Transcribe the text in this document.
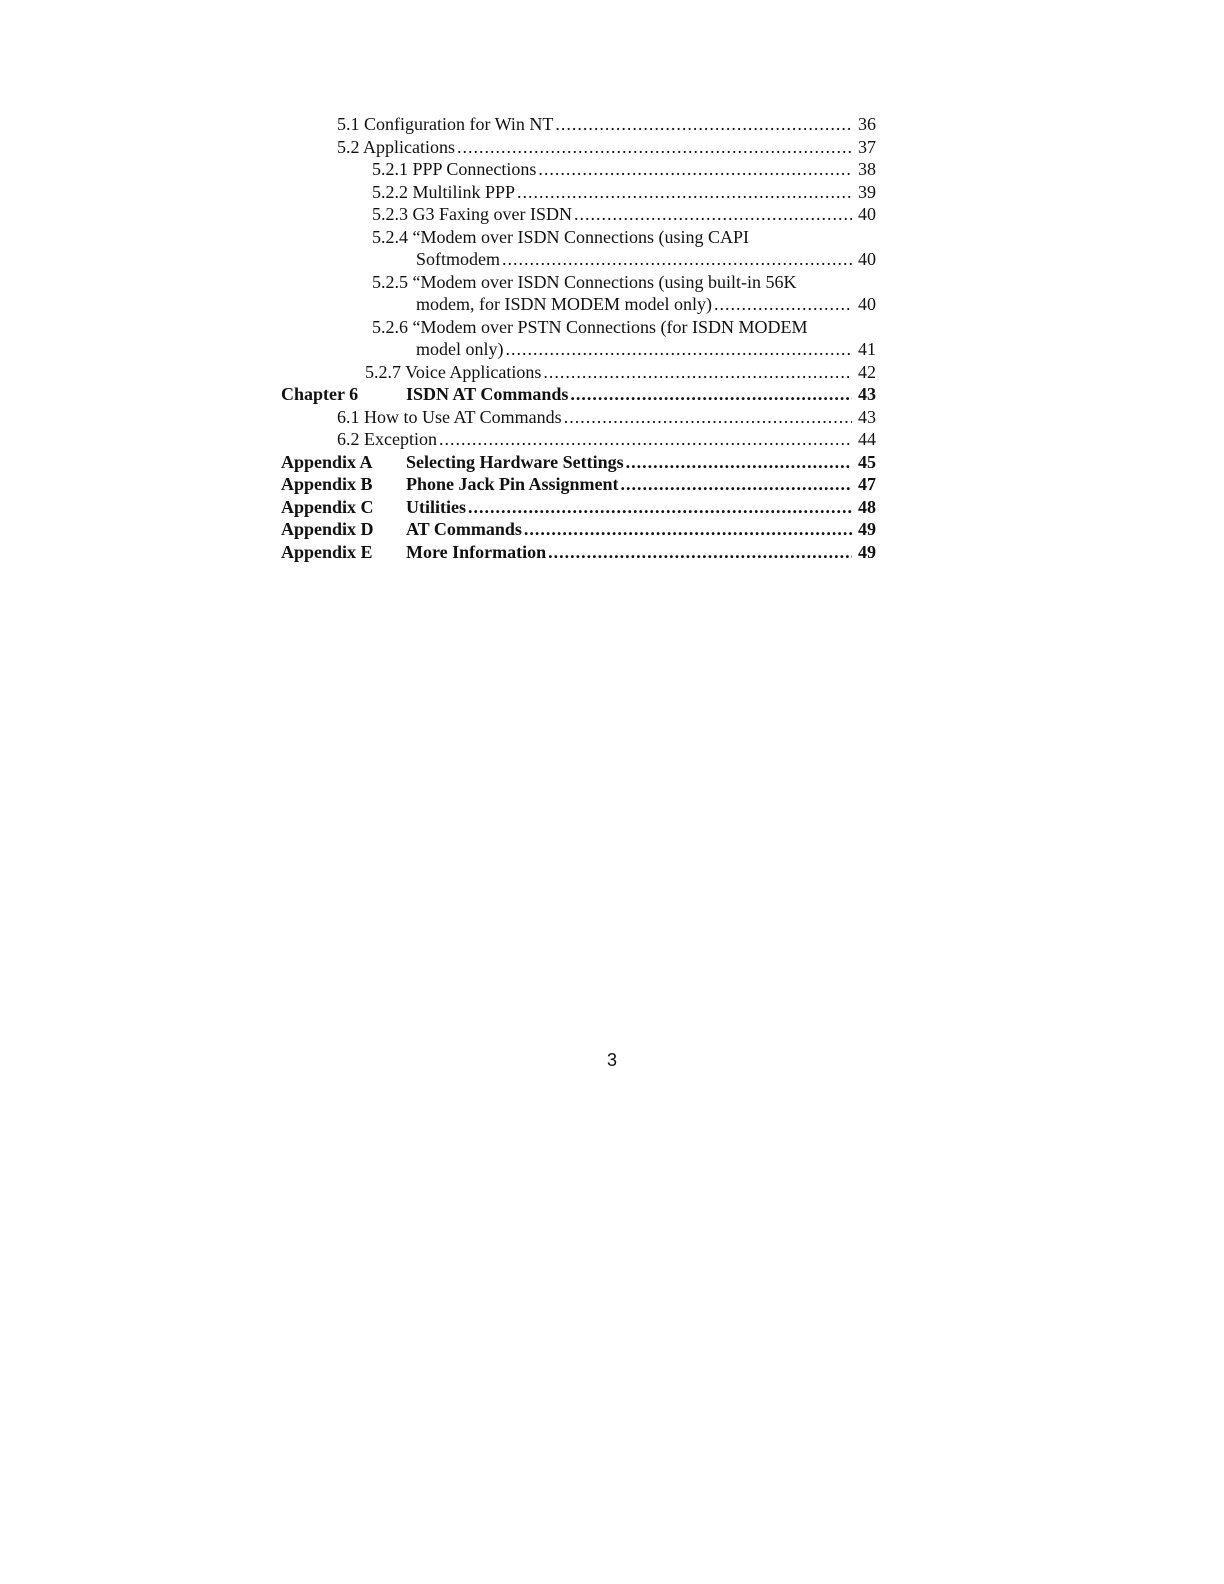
5.1 Configuration for Win NT .....	36
5.2 Applications .....	37
5.2.1 PPP Connections .....	38
5.2.2 Multilink PPP .....	39
5.2.3 G3 Faxing over ISDN .....	40
5.2.4 “Modem over ISDN Connections (using CAPI
Softmodem .....	40
5.2.5 “Modem over ISDN Connections (using built-in 56K
modem, for ISDN MODEM model only) .....	40
5.2.6 “Modem over PSTN Connections (for ISDN MODEM
model only) .....	41
5.2.7 Voice Applications .....	42
Chapter 6	ISDN AT Commands .....	43
6.1 How to Use AT Commands .....	43
6.2 Exception .....	44
Appendix A	Selecting Hardware Settings .....	45
Appendix B	Phone Jack Pin Assignment .....	47
Appendix C	Utilities .....	48
Appendix D	AT Commands .....	49
Appendix E	More Information .....	49
3
